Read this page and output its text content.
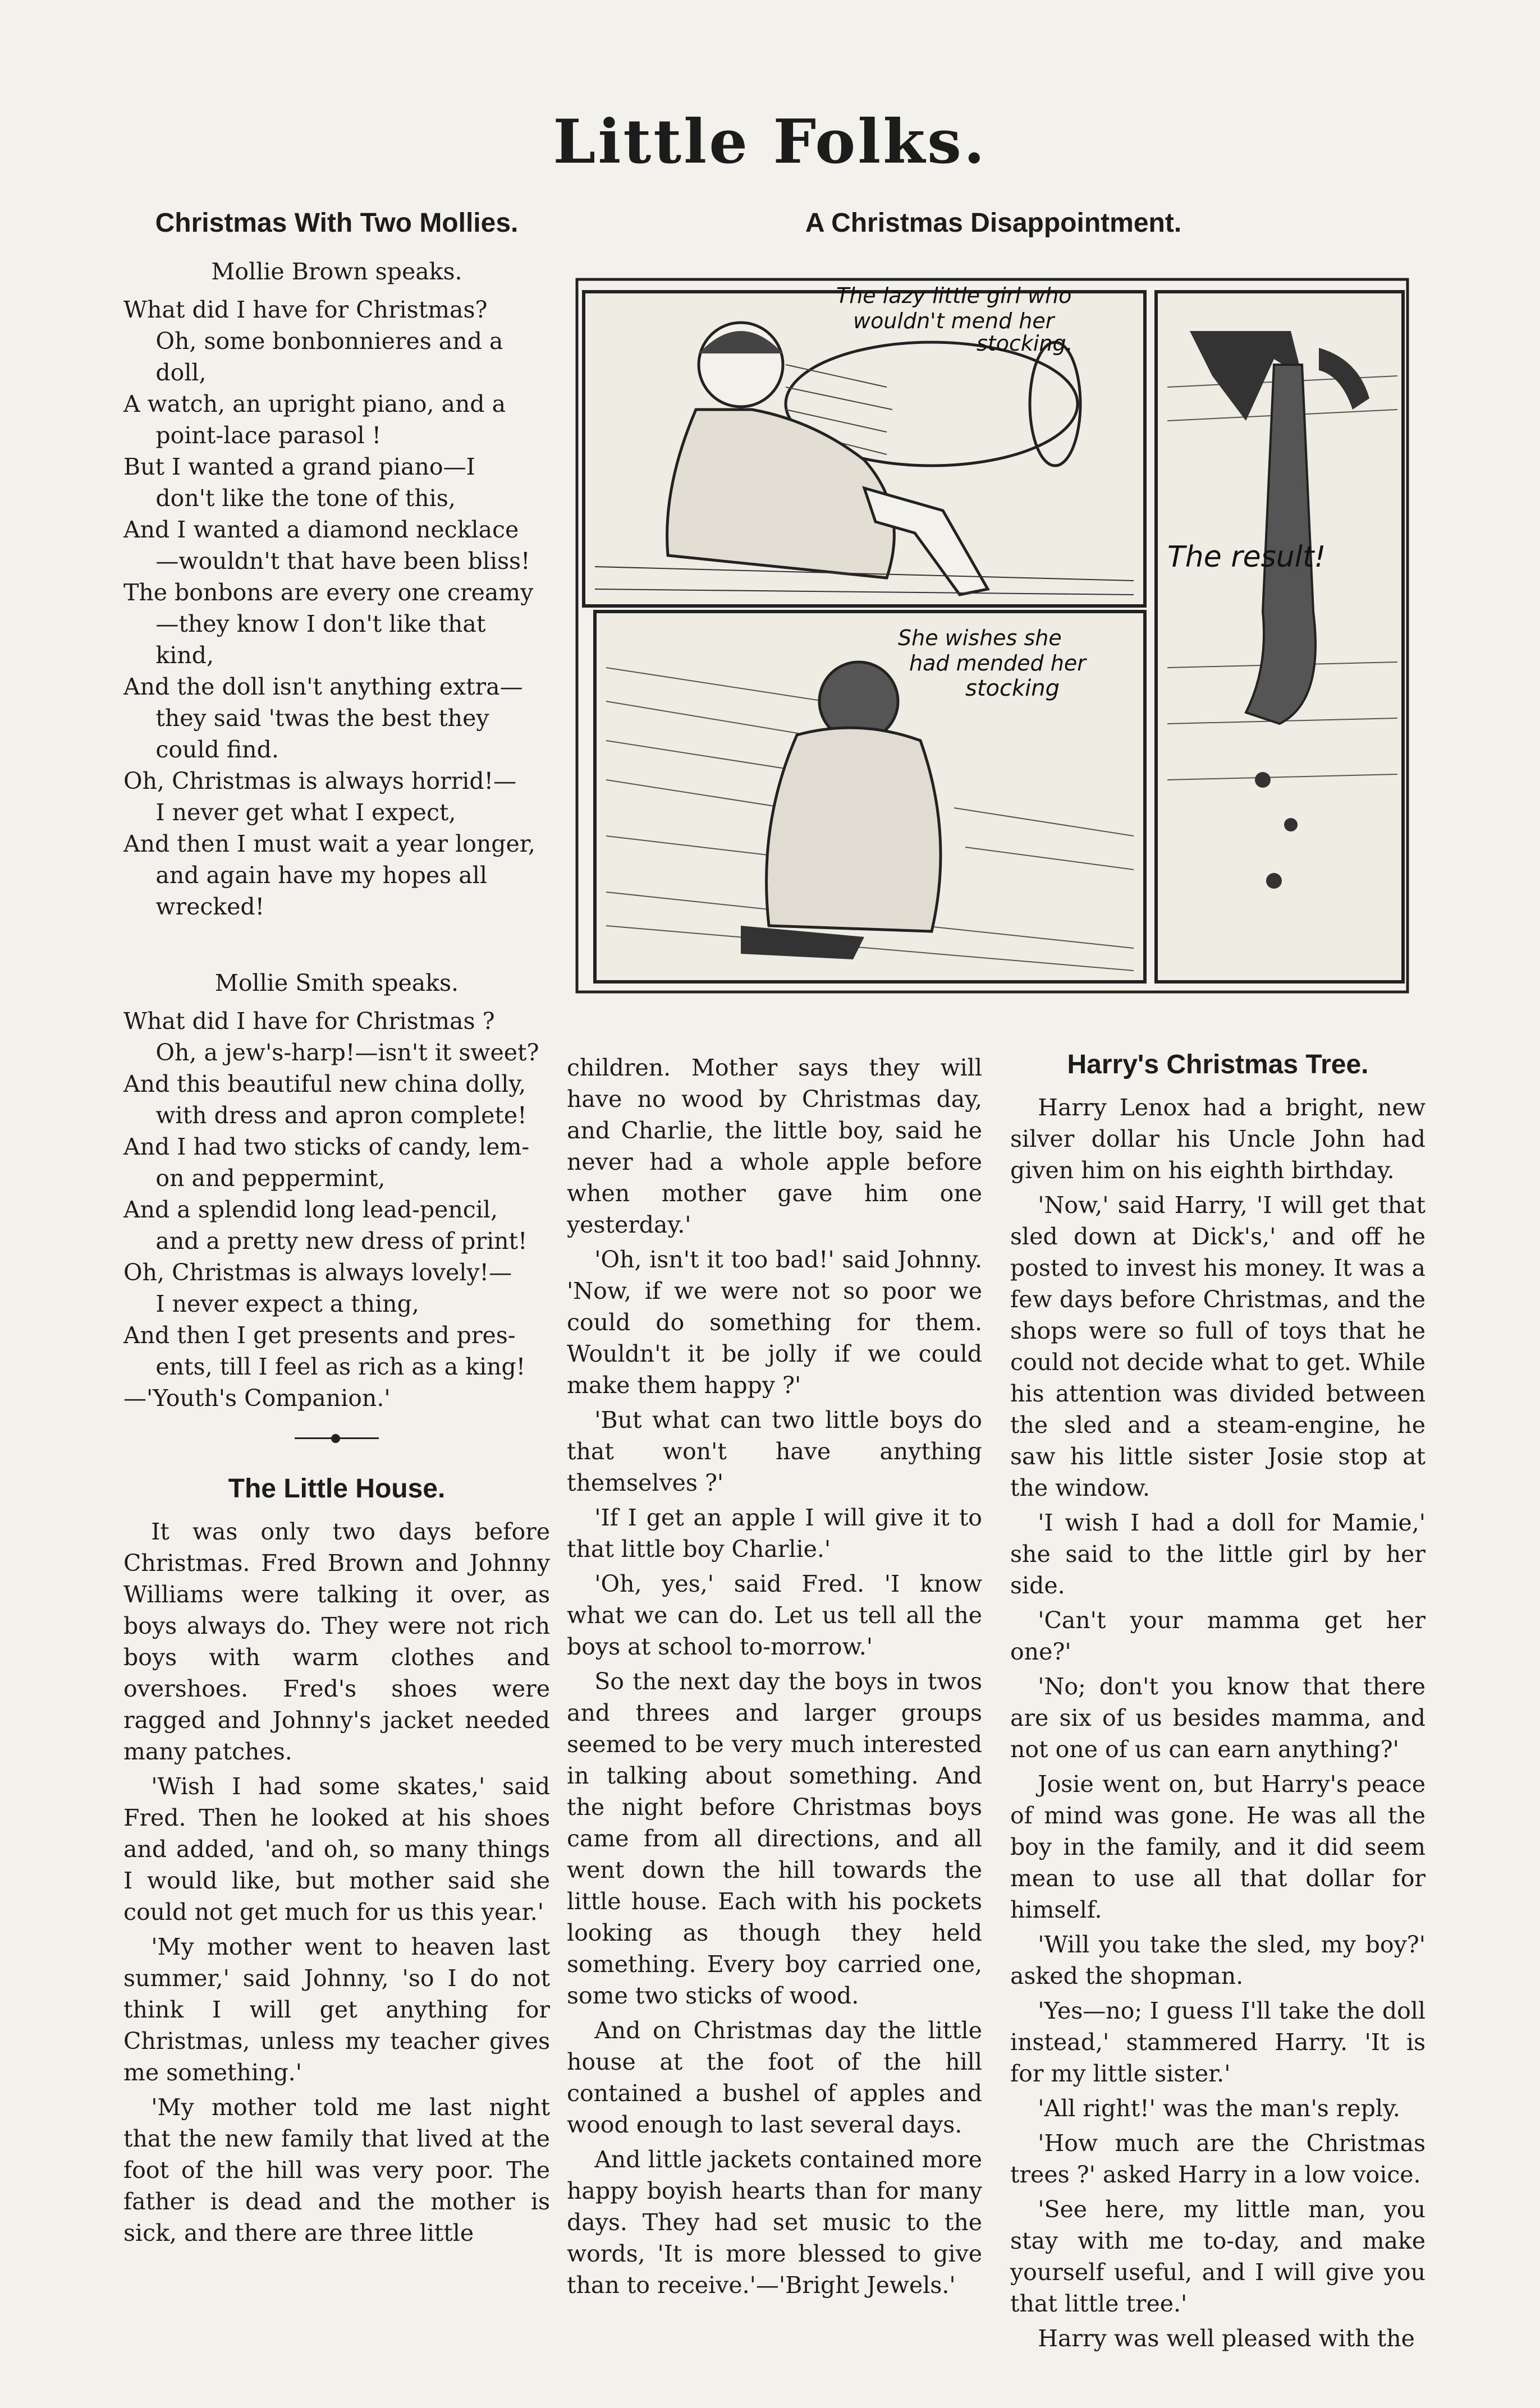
Little Folks.
Christmas With Two Mollies.
Mollie Brown speaks.
What did I have for Christmas?
Oh, some bonbonnieres and a
doll,
A watch, an upright piano, and a
point-lace parasol !
But I wanted a grand piano—I
don't like the tone of this,
And I wanted a diamond necklace
—wouldn't that have been bliss!
The bonbons are every one creamy
—they know I don't like that
kind,
And the doll isn't anything extra—
they said 'twas the best they
could find.
Oh, Christmas is always horrid!—
I never get what I expect,
And then I must wait a year longer,
and again have my hopes all
wrecked!
Mollie Smith speaks.
What did I have for Christmas ?
Oh, a jew's-harp!—isn't it sweet?
And this beautiful new china dolly,
with dress and apron complete!
And I had two sticks of candy, lem-
on and peppermint,
And a splendid long lead-pencil,
and a pretty new dress of print!
Oh, Christmas is always lovely!—
I never expect a thing,
And then I get presents and pres-
ents, till I feel as rich as a king!
—'Youth's Companion.'
The Little House.

It was only two days before Christmas. Fred Brown and Johnny Williams were talking it over, as boys always do. They were not rich boys with warm clothes and overshoes. Fred's shoes were ragged and Johnny's jacket needed many patches.

'Wish I had some skates,' said Fred. Then he looked at his shoes and added, 'and oh, so many things I would like, but mother said she could not get much for us this year.'

'My mother went to heaven last summer,' said Johnny, 'so I do not think I will get anything for Christmas, unless my teacher gives me something.'

'My mother told me last night that the new family that lived at the foot of the hill was very poor. The father is dead and the mother is sick, and there are three little

A Christmas Disappointment.
The lazy little girl who
wouldn't mend her
stocking.
She wishes she
had mended her
stocking
The result!

children. Mother says they will have no wood by Christmas day, and Charlie, the little boy, said he never had a whole apple before when mother gave him one yesterday.'

'Oh, isn't it too bad!' said Johnny. 'Now, if we were not so poor we could do something for them. Wouldn't it be jolly if we could make them happy ?'

'But what can two little boys do that won't have anything themselves ?'

'If I get an apple I will give it to that little boy Charlie.'

'Oh, yes,' said Fred. 'I know what we can do. Let us tell all the boys at school to-morrow.'

So the next day the boys in twos and threes and larger groups seemed to be very much interested in talking about something. And the night before Christmas boys came from all directions, and all went down the hill towards the little house. Each with his pockets looking as though they held something. Every boy carried one, some two sticks of wood.

And on Christmas day the little house at the foot of the hill contained a bushel of apples and wood enough to last several days.

And little jackets contained more happy boyish hearts than for many days. They had set music to the words, 'It is more blessed to give than to receive.'—'Bright Jewels.'

Harry's Christmas Tree.

Harry Lenox had a bright, new silver dollar his Uncle John had given him on his eighth birthday.

'Now,' said Harry, 'I will get that sled down at Dick's,' and off he posted to invest his money. It was a few days before Christmas, and the shops were so full of toys that he could not decide what to get. While his attention was divided between the sled and a steam-engine, he saw his little sister Josie stop at the window.

'I wish I had a doll for Mamie,' she said to the little girl by her side.

'Can't your mamma get her one?'

'No; don't you know that there are six of us besides mamma, and not one of us can earn anything?'

Josie went on, but Harry's peace of mind was gone. He was all the boy in the family, and it did seem mean to use all that dollar for himself.

'Will you take the sled, my boy?' asked the shopman.

'Yes—no; I guess I'll take the doll instead,' stammered Harry. 'It is for my little sister.'

'All right!' was the man's reply.

'How much are the Christmas trees ?' asked Harry in a low voice.

'See here, my little man, you stay with me to-day, and make yourself useful, and I will give you that little tree.'

Harry was well pleased with the
